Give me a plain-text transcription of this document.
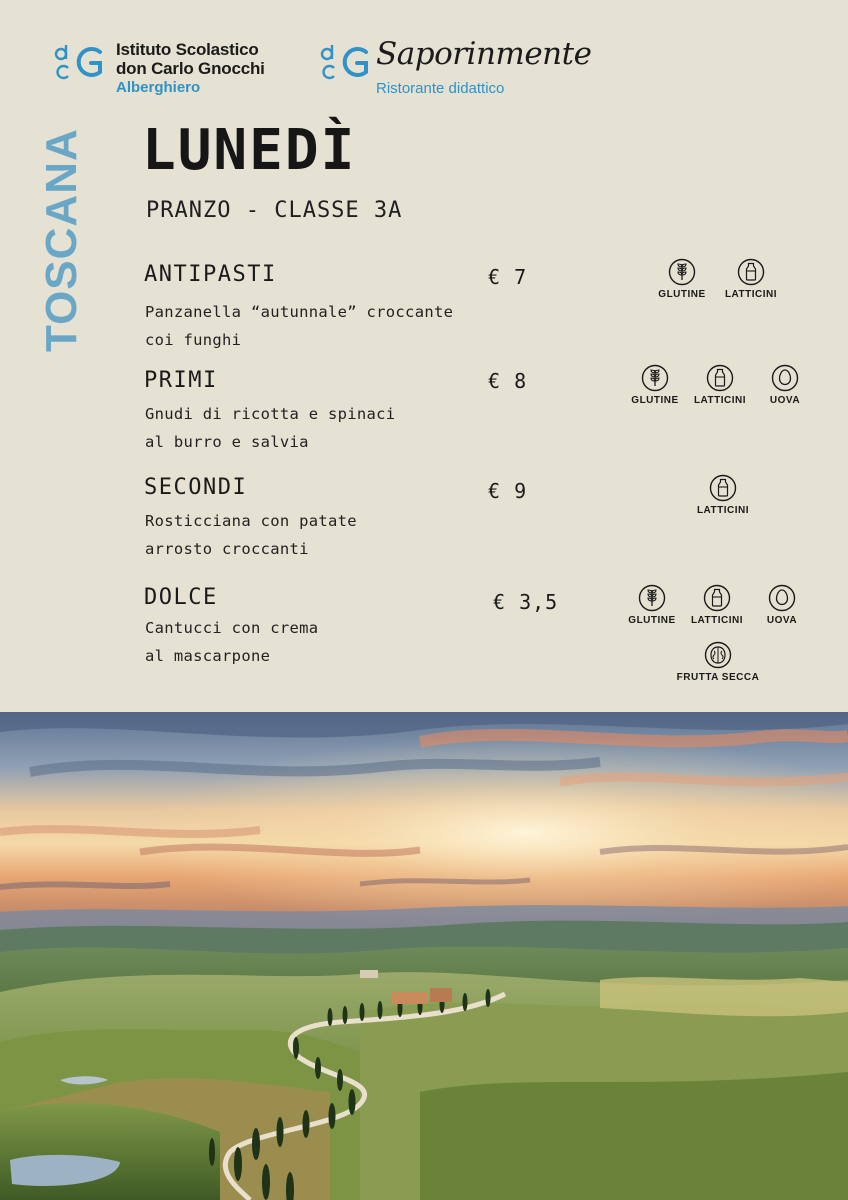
Istituto Scolastico
don Carlo Gnocchi
Alberghiero
Saporinmente
Ristorante didattico
TOSCANA LUNEDÌ
PRANZO - CLASSE 3A
ANTIPASTI
Panzanella “autunnale” croccante
coi funghi
€ 7
PRIMI
Gnudi di ricotta e spinaci
al burro e salvia
€ 8
SECONDI
Rosticciana con patate
arrosto croccanti
€ 9
DOLCE
Cantucci con crema
al mascarpone
€ 3,5
GLUTINE	LATTICINI
GLUTINE	LATTICINI	UOVA
LATTICINI
GLUTINE	LATTICINI	UOVA
FRUTTA SECCA
